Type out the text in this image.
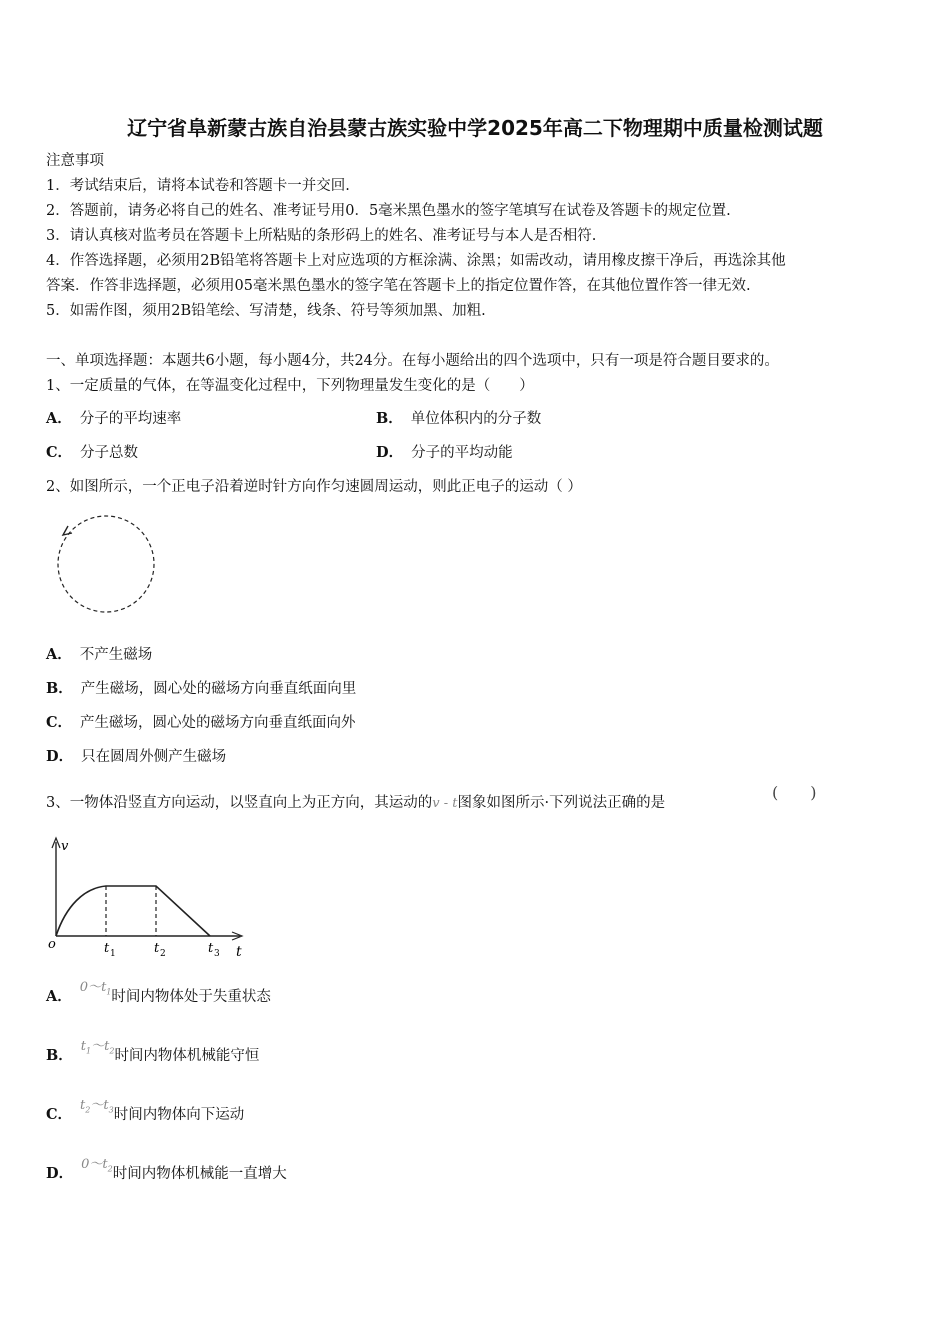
辽宁省阜新蒙古族自治县蒙古族实验中学2025年高二下物理期中质量检测试题
注意事项
1．考试结束后，请将本试卷和答题卡一并交回.
2．答题前，请务必将自己的姓名、准考证号用0．5毫米黑色墨水的签字笔填写在试卷及答题卡的规定位置.
3．请认真核对监考员在答题卡上所粘贴的条形码上的姓名、准考证号与本人是否相符.
4．作答选择题，必须用2B铅笔将答题卡上对应选项的方框涂满、涂黑；如需改动，请用橡皮擦干净后，再选涂其他
答案．作答非选择题，必须用05毫米黑色墨水的签字笔在答题卡上的指定位置作答，在其他位置作答一律无效.
5．如需作图，须用2B铅笔绘、写清楚，线条、符号等须加黑、加粗.
一、单项选择题：本题共6小题，每小题4分，共24分。在每小题给出的四个选项中，只有一项是符合题目要求的。
1、一定质量的气体，在等温变化过程中，下列物理量发生变化的是（　　）
A． 分子的平均速率	B． 单位体积内的分子数
C． 分子总数	D． 分子的平均动能
2、如图所示，一个正电子沿着逆时针方向作匀速圆周运动，则此正电子的运动（ ）
A． 不产生磁场
B． 产生磁场，圆心处的磁场方向垂直纸面向里
C． 产生磁场，圆心处的磁场方向垂直纸面向外
D． 只在圆周外侧产生磁场
3、一物体沿竖直方向运动，以竖直向上为正方向，其运动的v - t图象如图所示·下列说法正确的是
(　　)
v
t
o	t 1	t 2	t 3
A．$0\sim t_1$时间内物体处于失重状态
B．$t_1\sim t_2$时间内物体机械能守恒
C．$t_2\sim t_3$时间内物体向下运动
D．$0\sim t_2$时间内物体机械能一直增大
